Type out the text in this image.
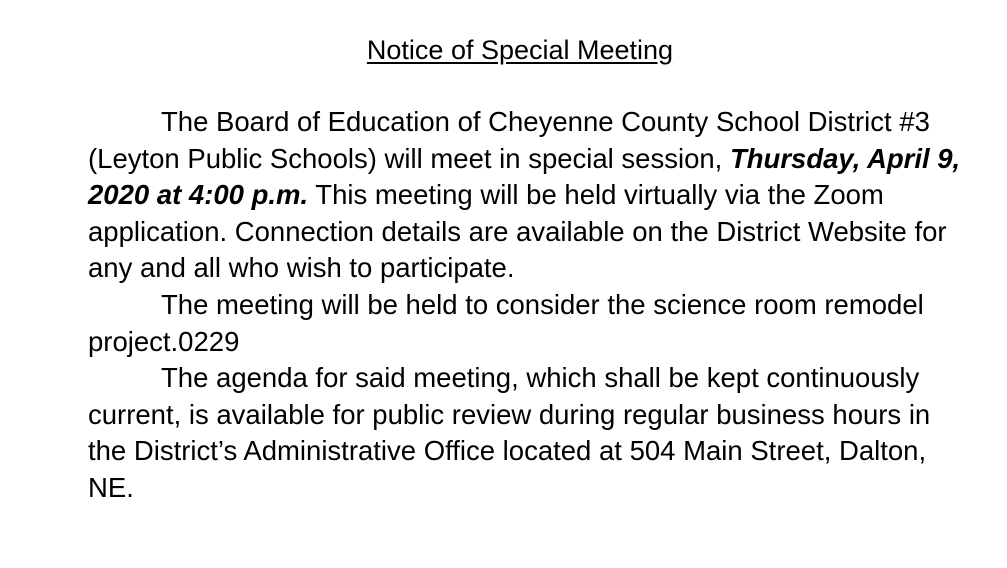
Notice of Special Meeting

The Board of Education of Cheyenne County School District #3 (Leyton Public Schools) will meet in special session, Thursday, April 9, 2020 at 4:00 p.m. This meeting will be held virtually via the Zoom application. Connection details are available on the District Website for any and all who wish to participate.

The meeting will be held to consider the science room remodel project.0229

The agenda for said meeting, which shall be kept continuously current, is available for public review during regular business hours in the District’s Administrative Office located at 504 Main Street, Dalton, NE.
